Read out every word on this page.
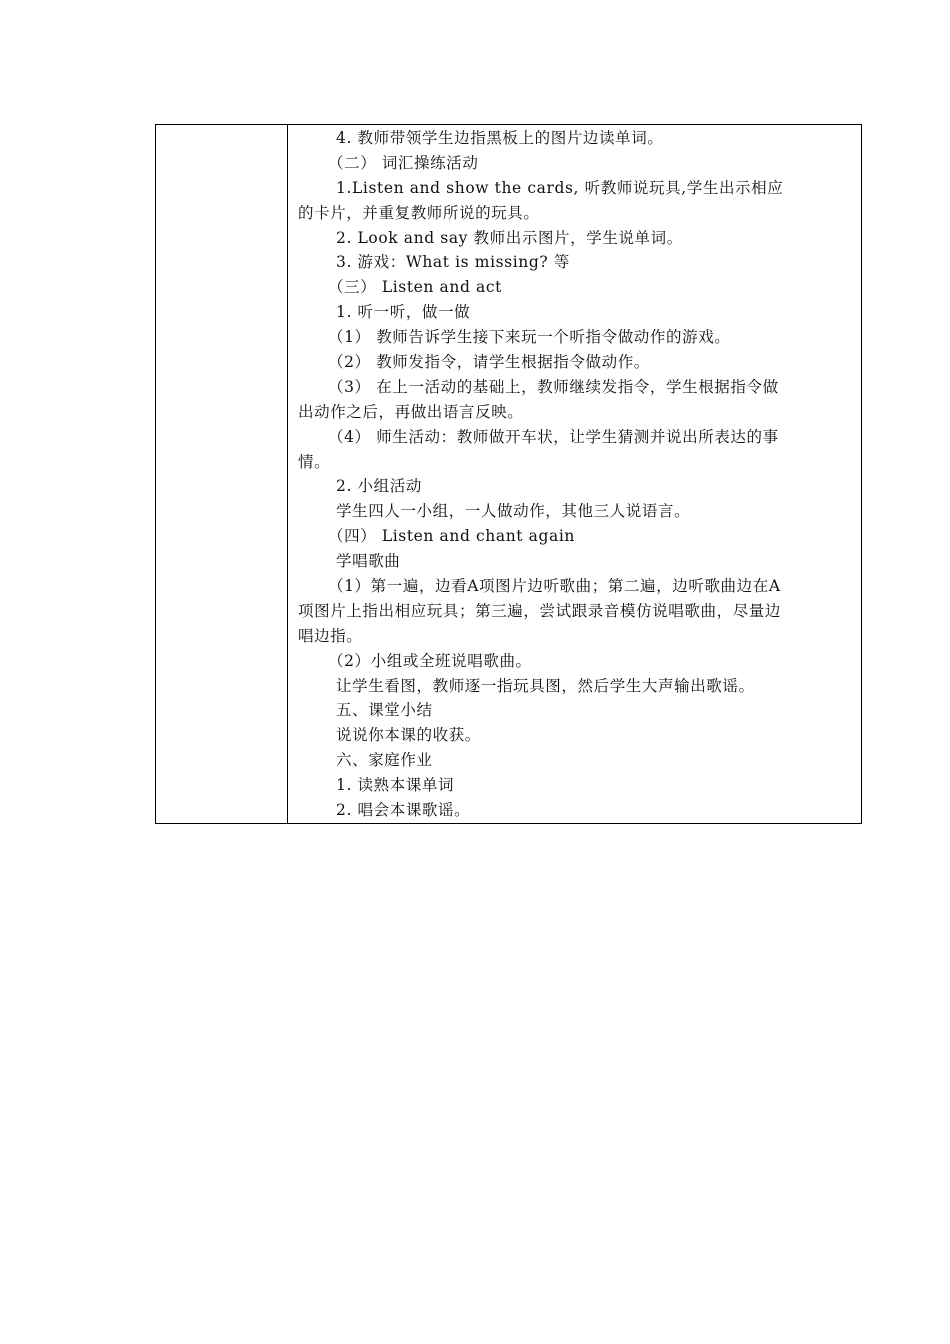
4. 教师带领学生边指黑板上的图片边读单词。
（二） 词汇操练活动
1.Listen and show the cards, 听教师说玩具,学生出示相应
的卡片，并重复教师所说的玩具。
2. Look and say 教师出示图片，学生说单词。
3. 游戏：What is missing? 等
（三） Listen and act
1. 听一听，做一做
（1） 教师告诉学生接下来玩一个听指令做动作的游戏。
（2） 教师发指令，请学生根据指令做动作。
（3） 在上一活动的基础上，教师继续发指令，学生根据指令做
出动作之后，再做出语言反映。
（4） 师生活动：教师做开车状，让学生猜测并说出所表达的事
情。
2. 小组活动
学生四人一小组，一人做动作，其他三人说语言。
（四） Listen and chant again
学唱歌曲
（1）第一遍，边看A项图片边听歌曲；第二遍，边听歌曲边在A
项图片上指出相应玩具；第三遍，尝试跟录音模仿说唱歌曲，尽量边
唱边指。
（2）小组或全班说唱歌曲。
让学生看图，教师逐一指玩具图，然后学生大声输出歌谣。
五、课堂小结
说说你本课的收获。
六、家庭作业
1. 读熟本课单词
2. 唱会本课歌谣。
